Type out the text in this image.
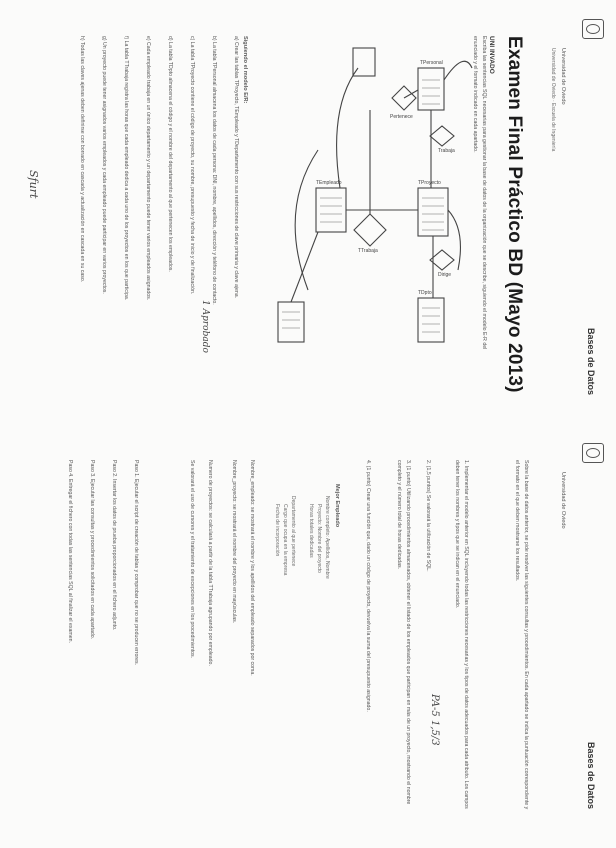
Universidad de Oviedo
Universidad de Oviedo · Escuela de Ingeniería
Bases de Datos
Examen Final Práctico BD (Mayo 2013)
UNI INVADO
Escriba las sentencias SQL necesarias para gestionar la base de datos de la organización que se describe, siguiendo el modelo E-R del enunciado y el formato indicado en cada apartado.
TPersonal
TProyecto
TTrabaja
TDpto
Pertenece
Trabaja
Dirige
TEmpleado
1 Aprobado
Siguiendo el modelo E/R:
a) Crear las tablas TProyecto, TEmpleado y TDepartamento con sus restricciones de clave primaria y clave ajena.
b) La tabla TPersonal almacena los datos de cada persona: DNI, nombre, apellidos, dirección y teléfono de contacto.
c) La tabla TProyecto contiene el código de proyecto, su nombre, presupuesto y fecha de inicio y de finalización.
d) La tabla TDpto almacena el código y el nombre del departamento al que pertenecen los empleados.
e) Cada empleado trabaja en un único departamento y un departamento puede tener varios empleados asignados.
f) La tabla TTrabaja registra las horas que cada empleado dedica a cada uno de los proyectos en los que participa.
g) Un proyecto puede tener asignados varios empleados y cada empleado puede participar en varios proyectos.
h) Todas las claves ajenas deben definirse con borrado en cascada y actualización en cascada en su caso.
Sfurt
Universidad de Oviedo
Bases de Datos
Sobre la base de datos anterior, se pide resolver las siguientes consultas y procedimientos. En cada apartado se indica la puntuación correspondiente y el formato en el que deben mostrarse los resultados.
1. Implementar el modelo anterior en SQL incluyendo todas las restricciones necesarias y los tipos de datos adecuados para cada atributo. Los campos deben tener los nombres y tipos que se indican en el enunciado.
2. (1,5 puntos) Se valorará la utilización de SQL.
3. (1 punto) Utilizando procedimientos almacenados, obtener el listado de los empleados que participan en más de un proyecto, mostrando el nombre completo y el número total de horas dedicadas.
4. (1 punto) Crear una función que, dado un código de proyecto, devuelva la suma del presupuesto asignado.
PA-5 1,5/3
Mejor Empleado
Nombre completo: Apellidos, Nombre
Proyecto: Nombre del proyecto
Horas totales dedicadas
Departamento al que pertenece
Cargo que ocupa en la empresa
Fecha de incorporación
Nombre_empleado: se mostrará el nombre y los apellidos del empleado separados por coma.
Nombre_proyecto: se mostrará el nombre del proyecto en mayúsculas.
Numero de proyectos: se calculará a partir de la tabla TTrabaja agrupando por empleado.
Se valorará el uso de cursores y el tratamiento de excepciones en los procedimientos.
Paso 1. Ejecutar el script de creación de tablas y comprobar que no se producen errores.
Paso 2. Insertar los datos de prueba proporcionados en el fichero adjunto.
Paso 3. Ejecutar las consultas y procedimientos solicitados en cada apartado.
Paso 4. Entregar el fichero con todas las sentencias SQL al finalizar el examen.
